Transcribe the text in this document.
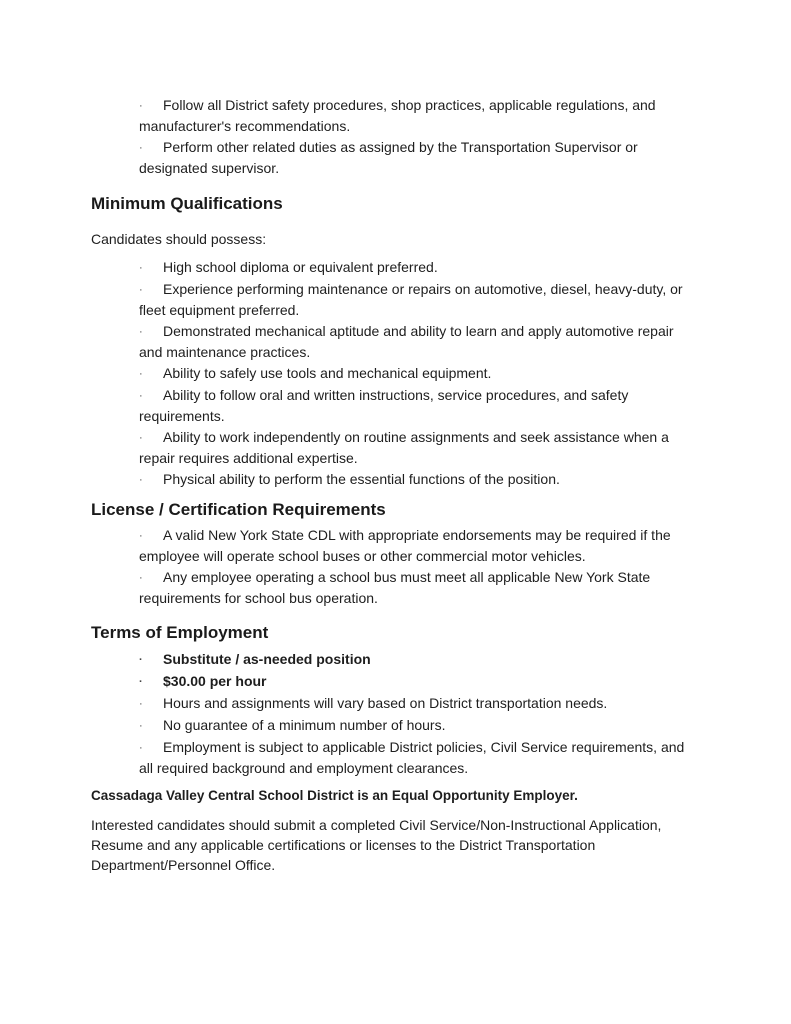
· Follow all District safety procedures, shop practices, applicable regulations, and manufacturer's recommendations.
· Perform other related duties as assigned by the Transportation Supervisor or designated supervisor.
Minimum Qualifications
Candidates should possess:
· High school diploma or equivalent preferred.
· Experience performing maintenance or repairs on automotive, diesel, heavy-duty, or fleet equipment preferred.
· Demonstrated mechanical aptitude and ability to learn and apply automotive repair and maintenance practices.
· Ability to safely use tools and mechanical equipment.
· Ability to follow oral and written instructions, service procedures, and safety requirements.
· Ability to work independently on routine assignments and seek assistance when a repair requires additional expertise.
· Physical ability to perform the essential functions of the position.
License / Certification Requirements
· A valid New York State CDL with appropriate endorsements may be required if the employee will operate school buses or other commercial motor vehicles.
· Any employee operating a school bus must meet all applicable New York State requirements for school bus operation.
Terms of Employment
· Substitute / as-needed position
· $30.00 per hour
· Hours and assignments will vary based on District transportation needs.
· No guarantee of a minimum number of hours.
· Employment is subject to applicable District policies, Civil Service requirements, and all required background and employment clearances.
Cassadaga Valley Central School District is an Equal Opportunity Employer.
Interested candidates should submit a completed Civil Service/Non-Instructional Application, Resume and any applicable certifications or licenses to the District Transportation Department/Personnel Office.
